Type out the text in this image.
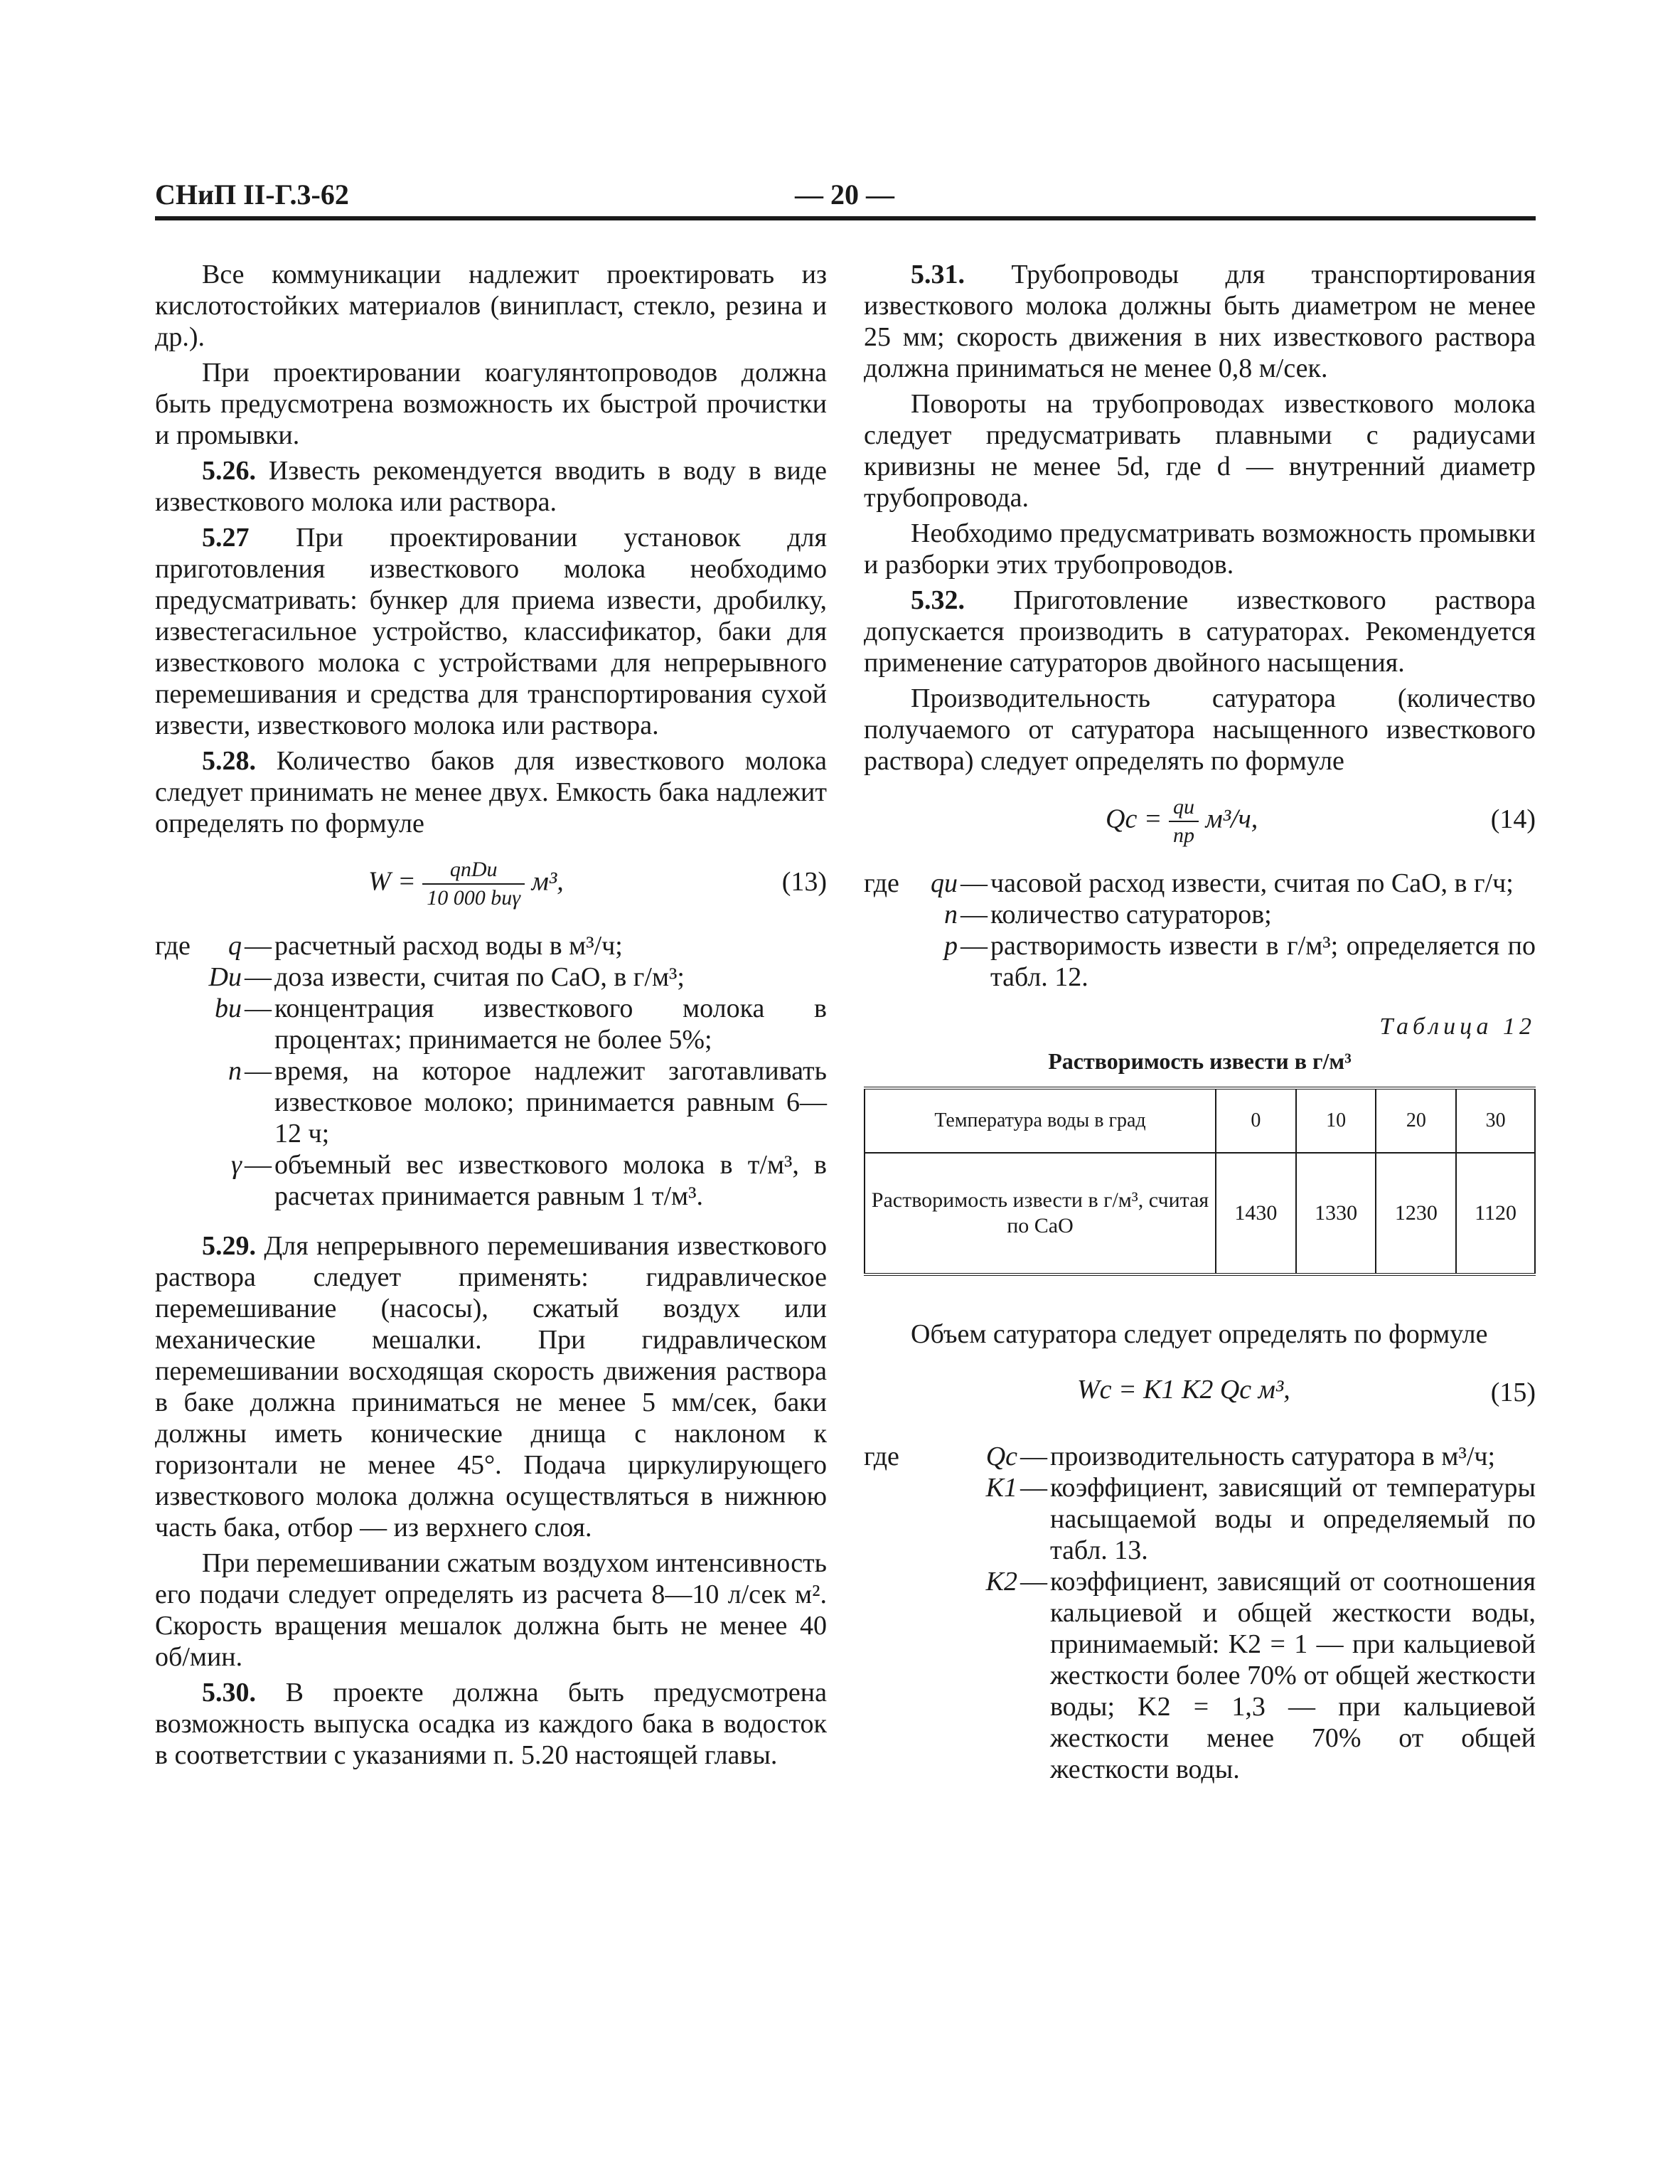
СНиП II-Г.3-62	— 20 —

Все коммуникации надлежит проектировать из кислотостойких материалов (винипласт, стекло, резина и др.).

При проектировании коагулянтопроводов должна быть предусмотрена возможность их быстрой прочистки и промывки.

5.26. Известь рекомендуется вводить в воду в виде известкового молока или раствора.

5.27 При проектировании установок для приготовления известкового молока необходимо предусматривать: бункер для приема извести, дробилку, известегасильное устройство, классификатор, баки для известкового молока с устройствами для непрерывного перемешивания и средства для транспортирования сухой извести, известкового молока или раствора.

5.28. Количество баков для известкового молока следует принимать не менее двух. Емкость бака надлежит определять по формуле

$W = \frac{\text{qnDи}}{\text{10 000 bиγ}} м^3$,	(13)
где	q — расчетный расход воды в м³/ч;
Dи — доза извести, считая по CaO, в г/м³;
bи — концентрация известкового молока в процентах; принимается не более 5%;
n — время, на которое надлежит заготавливать известковое молоко; принимается равным 6—12 ч;
γ — объемный вес известкового молока в т/м³, в расчетах принимается равным 1 т/м³.

5.29. Для непрерывного перемешивания известкового раствора следует применять: гидравлическое перемешивание (насосы), сжатый воздух или механические мешалки. При гидравлическом перемешивании восходящая скорость движения раствора в баке должна приниматься не менее 5 мм/сек, баки должны иметь конические днища с наклоном к горизонтали не менее 45°. Подача циркулирующего известкового молока должна осуществляться в нижнюю часть бака, отбор — из верхнего слоя.

При перемешивании сжатым воздухом интенсивность его подачи следует определять из расчета 8—10 л/сек м². Скорость вращения мешалок должна быть не менее 40 об/мин.

5.30. В проекте должна быть предусмотрена возможность выпуска осадка из каждого бака в водосток в соответствии с указаниями п. 5.20 настоящей главы.

5.31. Трубопроводы для транспортирования известкового молока должны быть диаметром не менее 25 мм; скорость движения в них известкового раствора должна приниматься не менее 0,8 м/сек.

Повороты на трубопроводах известкового молока следует предусматривать плавными с радиусами кривизны не менее 5d, где d — внутренний диаметр трубопровода.

Необходимо предусматривать возможность промывки и разборки этих трубопроводов.

5.32. Приготовление известкового раствора допускается производить в сатураторах. Рекомендуется применение сатураторов двойного насыщения.

Производительность сатуратора (количество получаемого от сатуратора насыщенного известкового раствора) следует определять по формуле

$Qc = \frac{qи}{np} м^3/ч$,	(14)
где	qи — часовой расход извести, считая по CaO, в г/ч;
n — количество сатураторов;
p — растворимость извести в г/м³; определяется по табл. 12.
Таблица 12
Растворимость извести в г/м³
Температура воды в град	0	10	20	30
Растворимость извести в г/м³, считая по CaO	1430	1330	1230	1120

Объем сатуратора следует определять по формуле

Wc = K1 K2 Qc м³,	(15)
где	Qc — производительность сатуратора в м³/ч;
K1 — коэффициент, зависящий от температуры насыщаемой воды и определяемый по табл. 13.
K2 — коэффициент, зависящий от соотношения кальциевой и общей жесткости воды, принимаемый: K2 = 1 — при кальциевой жесткости более 70% от общей жесткости воды; K2 = 1,3 — при кальциевой жесткости менее 70% от общей жесткости воды.
